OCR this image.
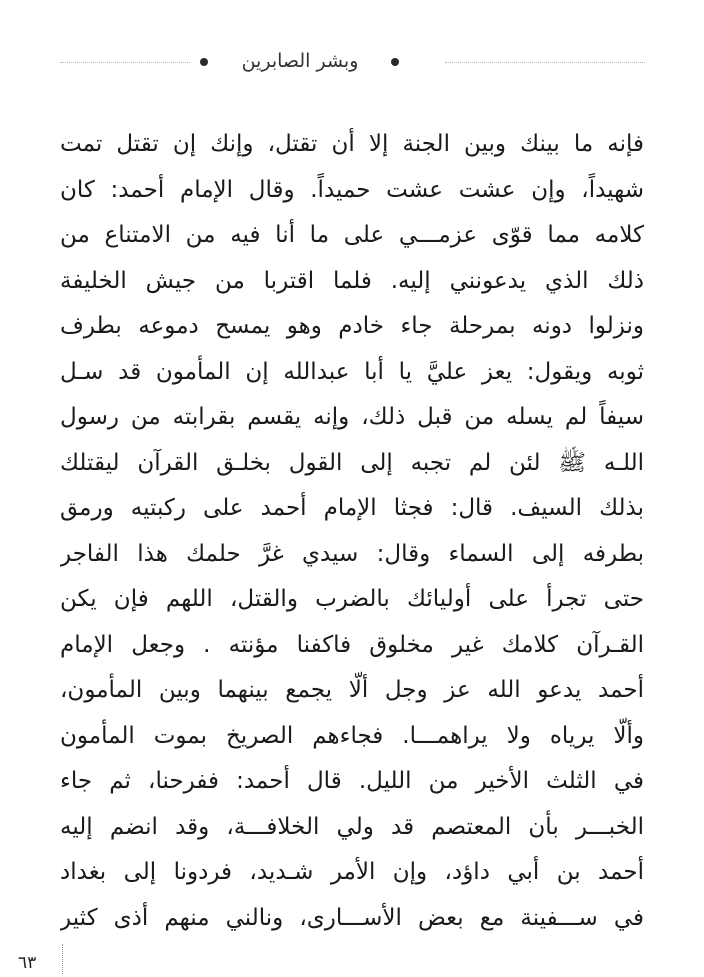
وبشر الصابرين
فإنه ما بينك وبين الجنة إلا أن تقتل، وإنك إن تقتل تمت
شهيداً، وإن عشت عشت حميداً. وقال الإمام أحمد: كان
كلامه مما قوّى عزمـــي على ما أنا فيه من الامتناع من
ذلك الذي يدعونني إليه. فلما اقتربا من جيش الخليفة
ونزلوا دونه بمرحلة جاء خادم وهو يمسح دموعه بطرف
ثوبه ويقول: يعز عليَّ يا أبا عبدالله إن المأمون قد سـل
سيفاً لم يسله من قبل ذلك، وإنه يقسم بقرابته من رسول
اللـه ﷺ لئن لم تجبه إلى القول بخلـق القرآن ليقتلك
بذلك السيف. قال: فجثا الإمام أحمد على ركبتيه ورمق
بطرفه إلى السماء وقال: سيدي غرَّ حلمك هذا الفاجر
حتى تجرأ على أوليائك بالضرب والقتل، اللهم فإن يكن
القـرآن كلامك غير مخلوق فاكفنا مؤنته . وجعل الإمام
أحمد يدعو الله عز وجل ألّا يجمع بينهما وبين المأمون،
وألّا يرياه ولا يراهمـــا. فجاءهم الصريخ بموت المأمون
في الثلث الأخير من الليل. قال أحمد: ففرحنا، ثم جاء
الخبـــر بأن المعتصم قد ولي الخلافـــة، وقد انضم إليه
أحمد بن أبي داؤد، وإن الأمر شـديد، فردونا إلى بغداد
في ســـفينة مع بعض الأســـارى، ونالني منهم أذى كثير
٦٣
